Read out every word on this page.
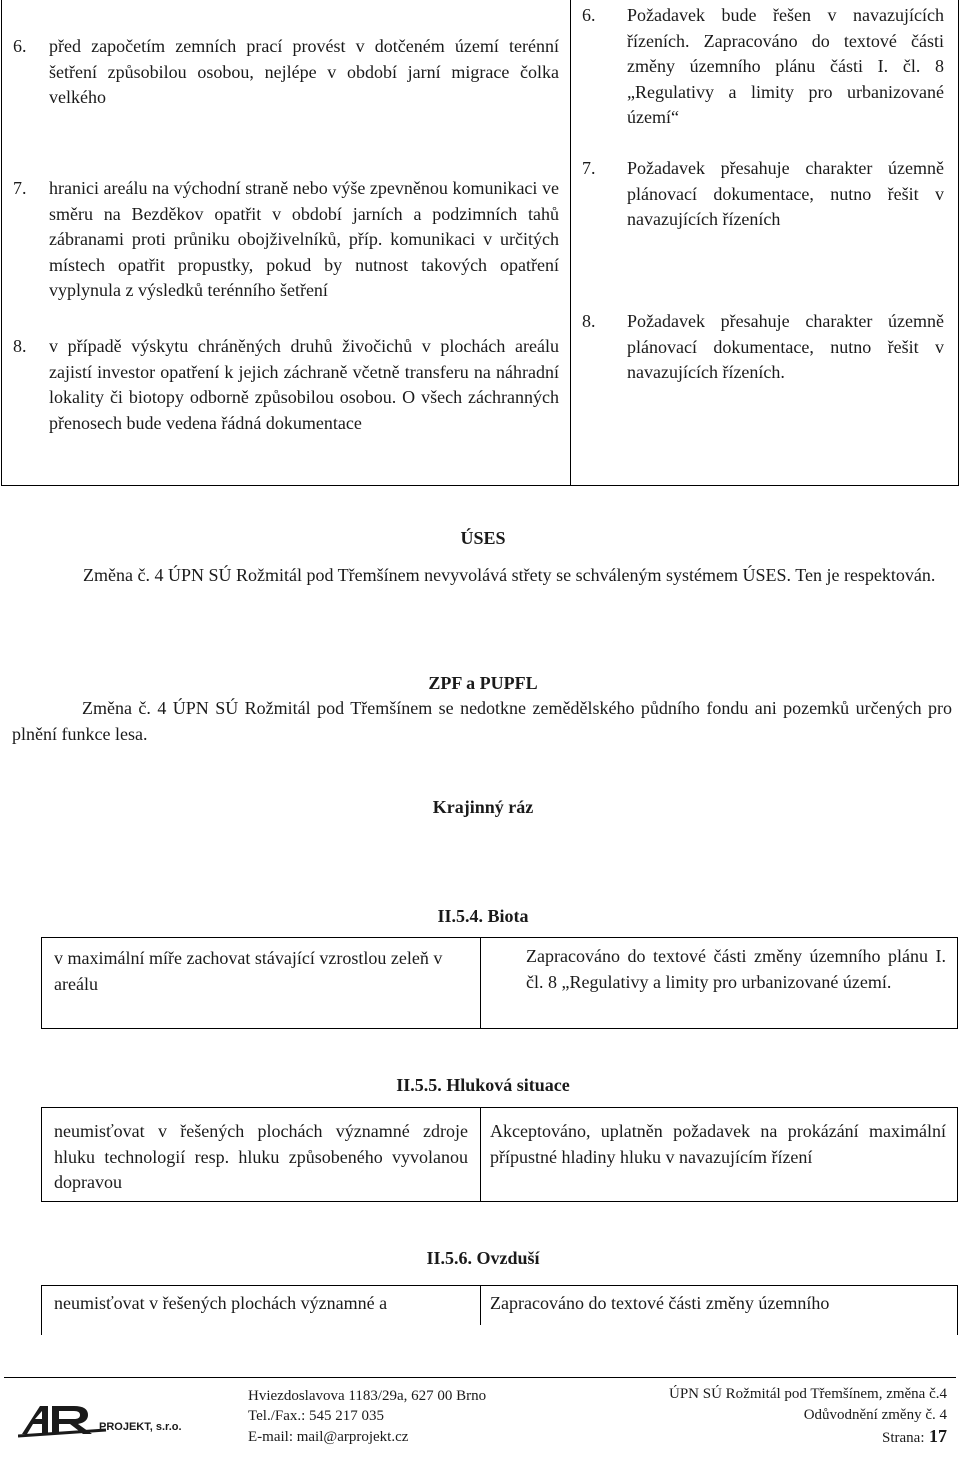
6. před započetím zemních prací provést v dotčeném území terénní šetření způsobilou osobou, nejlépe v období jarní migrace čolka velkého
7. hranici areálu na východní straně nebo výše zpevněnou komunikaci ve směru na Bezděkov opatřit v období jarních a podzimních tahů zábranami proti průniku obojživelníků, příp. komunikaci v určitých místech opatřit propustky, pokud by nutnost takových opatření vyplynula z výsledků terénního šetření
8. v případě výskytu chráněných druhů živočichů v plochách areálu zajistí investor opatření k jejich záchraně včetně transferu na náhradní lokality či biotopy odborně způsobilou osobou. O všech záchranných přenosech bude vedena řádná dokumentace
6. Požadavek bude řešen v navazujících řízeních. Zapracováno do textové části změny územního plánu části I. čl. 8 „Regulativy a limity pro urbanizované území“
7. Požadavek přesahuje charakter územně plánovací dokumentace, nutno řešit v navazujících řízeních
8. Požadavek přesahuje charakter územně plánovací dokumentace, nutno řešit v navazujících řízeních.
ÚSES
Změna č. 4 ÚPN SÚ Rožmitál pod Třemšínem nevyvolává střety se schváleným systémem ÚSES. Ten je respektován.
ZPF a PUPFL
Změna č. 4 ÚPN SÚ Rožmitál pod Třemšínem se nedotkne zemědělského půdního fondu ani pozemků určených pro plnění funkce lesa.
Krajinný ráz
II.5.4. Biota
v maximální míře zachovat stávající vzrostlou zeleň v areálu
Zapracováno do textové části změny územního plánu I. čl. 8 „Regulativy a limity pro urbanizované území.
II.5.5. Hluková situace
neumisťovat v řešených plochách významné zdroje hluku technologií resp. hluku způsobeného vyvolanou dopravou
Akceptováno, uplatněn požadavek na prokázání maximální přípustné hladiny hluku v navazujícím řízení
II.5.6. Ovzduší
neumisťovat v řešených plochách významné a	Zapracováno do textové části změny územního
PROJEKT, s.r.o.
Hviezdoslavova 1183/29a, 627 00 Brno
Tel./Fax.: 545 217 035
E-mail: mail@arprojekt.cz
ÚPN SÚ Rožmitál pod Třemšínem, změna č.4
Odůvodnění změny č. 4
Strana: 17
